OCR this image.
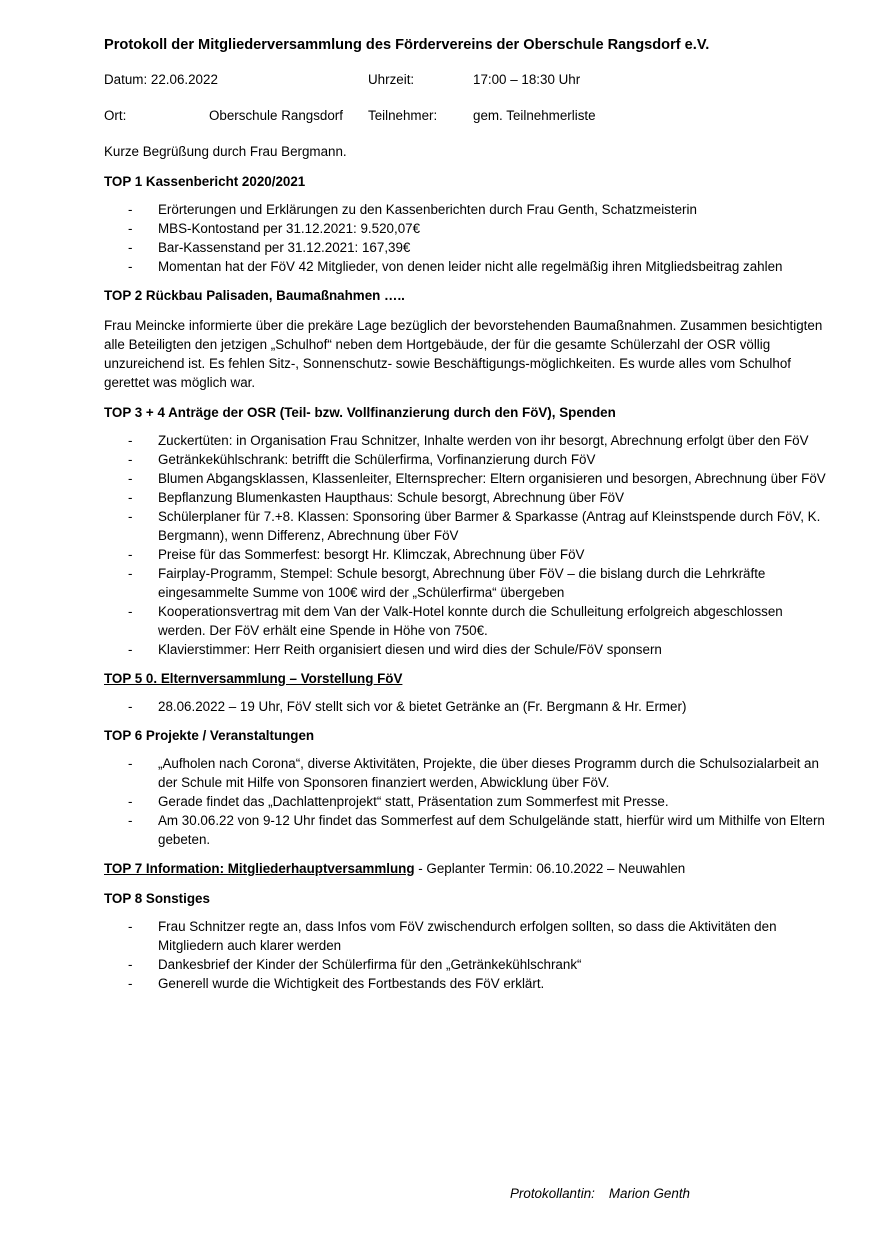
Protokoll der Mitgliederversammlung des Fördervereins der Oberschule Rangsdorf e.V.
Datum: 22.06.2022	Uhrzeit:	17:00 – 18:30 Uhr
Ort:	Oberschule Rangsdorf Teilnehmer:	gem. Teilnehmerliste
Kurze Begrüßung durch Frau Bergmann.
TOP 1 Kassenbericht 2020/2021
- Erörterungen und Erklärungen zu den Kassenberichten durch Frau Genth, Schatzmeisterin
- MBS-Kontostand per 31.12.2021: 9.520,07€
- Bar-Kassenstand per 31.12.2021: 167,39€
- Momentan hat der FöV 42 Mitglieder, von denen leider nicht alle regelmäßig ihren Mitgliedsbeitrag zahlen
TOP 2 Rückbau Palisaden, Baumaßnahmen …..
Frau Meincke informierte über die prekäre Lage bezüglich der bevorstehenden Baumaßnahmen. Zusammen besichtigten alle Beteiligten den jetzigen „Schulhof“ neben dem Hortgebäude, der für die gesamte Schülerzahl der OSR völlig unzureichend ist. Es fehlen Sitz-, Sonnenschutz- sowie Beschäftigungs-möglichkeiten. Es wurde alles vom Schulhof gerettet was möglich war.
TOP 3 + 4 Anträge der OSR (Teil- bzw. Vollfinanzierung durch den FöV), Spenden
- Zuckertüten: in Organisation Frau Schnitzer, Inhalte werden von ihr besorgt, Abrechnung erfolgt über den FöV
- Getränkekühlschrank: betrifft die Schülerfirma, Vorfinanzierung durch FöV
- Blumen Abgangsklassen, Klassenleiter, Elternsprecher: Eltern organisieren und besorgen, Abrechnung über FöV
- Bepflanzung Blumenkasten Haupthaus: Schule besorgt, Abrechnung über FöV
- Schülerplaner für 7.+8. Klassen: Sponsoring über Barmer & Sparkasse (Antrag auf Kleinstspende durch FöV, K. Bergmann), wenn Differenz, Abrechnung über FöV
- Preise für das Sommerfest: besorgt Hr. Klimczak, Abrechnung über FöV
- Fairplay-Programm, Stempel: Schule besorgt, Abrechnung über FöV – die bislang durch die Lehrkräfte eingesammelte Summe von 100€ wird der „Schülerfirma“ übergeben
- Kooperationsvertrag mit dem Van der Valk-Hotel konnte durch die Schulleitung erfolgreich abgeschlossen werden. Der FöV erhält eine Spende in Höhe von 750€.
- Klavierstimmer: Herr Reith organisiert diesen und wird dies der Schule/FöV sponsern
TOP 5 0. Elternversammlung – Vorstellung FöV
- 28.06.2022 – 19 Uhr, FöV stellt sich vor & bietet Getränke an (Fr. Bergmann & Hr. Ermer)
TOP 6 Projekte / Veranstaltungen
- „Aufholen nach Corona“, diverse Aktivitäten, Projekte, die über dieses Programm durch die Schulsozialarbeit an der Schule mit Hilfe von Sponsoren finanziert werden, Abwicklung über FöV.
- Gerade findet das „Dachlattenprojekt“ statt, Präsentation zum Sommerfest mit Presse.
- Am 30.06.22 von 9-12 Uhr findet das Sommerfest auf dem Schulgelände statt, hierfür wird um Mithilfe von Eltern gebeten.
TOP 7 Information: Mitgliederhauptversammlung - Geplanter Termin: 06.10.2022 – Neuwahlen
TOP 8 Sonstiges
- Frau Schnitzer regte an, dass Infos vom FöV zwischendurch erfolgen sollten, so dass die Aktivitäten den Mitgliedern auch klarer werden
- Dankesbrief der Kinder der Schülerfirma für den „Getränkekühlschrank“
- Generell wurde die Wichtigkeit des Fortbestands des FöV erklärt.
Protokollantin: Marion Genth
